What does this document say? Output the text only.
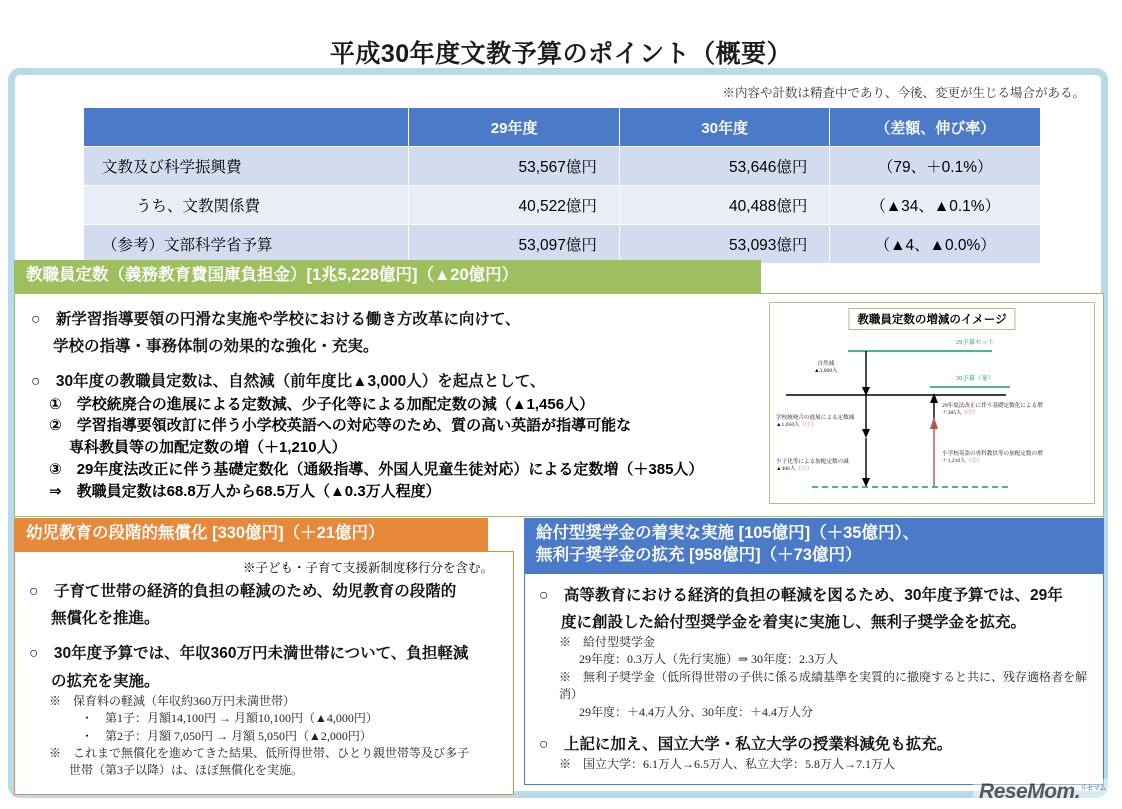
平成30年度文教予算のポイント（概要）
※内容や計数は精査中であり、今後、変更が生じる場合がある。
	29年度	30年度	（差額、伸び率）
文教及び科学振興費	53,567億円	53,646億円	（79、＋0.1%）
うち、文教関係費	40,522億円	40,488億円	（▲34、▲0.1%）
（参考）文部科学省予算	53,097億円	53,093億円	（▲4、▲0.0%）
教職員定数（義務教育費国庫負担金）[1兆5,228億円]（▲20億円）
○　新学習指導要領の円滑な実施や学校における働き方改革に向けて、
学校の指導・事務体制の効果的な強化・充実。
○　30年度の教職員定数は、自然減（前年度比▲3,000人）を起点として、
①　学校統廃合の進展による定数減、少子化等による加配定数の減（▲1,456人）
②　学習指導要領改訂に伴う小学校英語への対応等のため、質の高い英語が指導可能な
専科教員等の加配定数の増（＋1,210人）
③　29年度法改正に伴う基礎定数化（通級指導、外国人児童生徒対応）による定数増（＋385人）
⇒　教職員定数は68.8万人から68.5万人（▲0.3万人程度）
教職員定数の増減のイメージ
29予算セット
30予算（案）
自然減
▲3,000人
学校統廃合の進展による定数減
▲1,050人（①）
少子化等による加配定数の減
▲406人（①）
29年度法改正に伴う基礎定数化による増
＋385人（③）
小学校英語の専科教員等の加配定数の増
＋1,210人（②）
幼児教育の段階的無償化 [330億円]（＋21億円）
※子ども・子育て支援新制度移行分を含む。
○　子育て世帯の経済的負担の軽減のため、幼児教育の段階的
無償化を推進。
○　30年度予算では、年収360万円未満世帯について、負担軽減
の拡充を実施。
※　保育料の軽減（年収約360万円未満世帯）
・　第1子：月額14,100円 → 月額10,100円（▲4,000円）
・　第2子：月額 7,050円 → 月額 5,050円（▲2,000円）
※　これまで無償化を進めてきた結果、低所得世帯、ひとり親世帯等及び多子
世帯（第3子以降）は、ほぼ無償化を実施。
給付型奨学金の着実な実施 [105億円]（＋35億円）、
無利子奨学金の拡充 [958億円]（＋73億円）
○　高等教育における経済的負担の軽減を図るため、30年度予算では、29年
度に創設した給付型奨学金を着実に実施し、無利子奨学金を拡充。
※　給付型奨学金
29年度：0.3万人（先行実施）⇒ 30年度：2.3万人
※　無利子奨学金（低所得世帯の子供に係る成績基準を実質的に撤廃すると共に、残存適格者を解消）
29年度：＋4.4万人分、30年度：＋4.4万人分
○　上記に加え、国立大学・私立大学の授業料減免も拡充。
※　国立大学：6.1万人→6.5万人、私立大学：5.8万人→7.1万人
ReseMom.$^{リセマム}$
